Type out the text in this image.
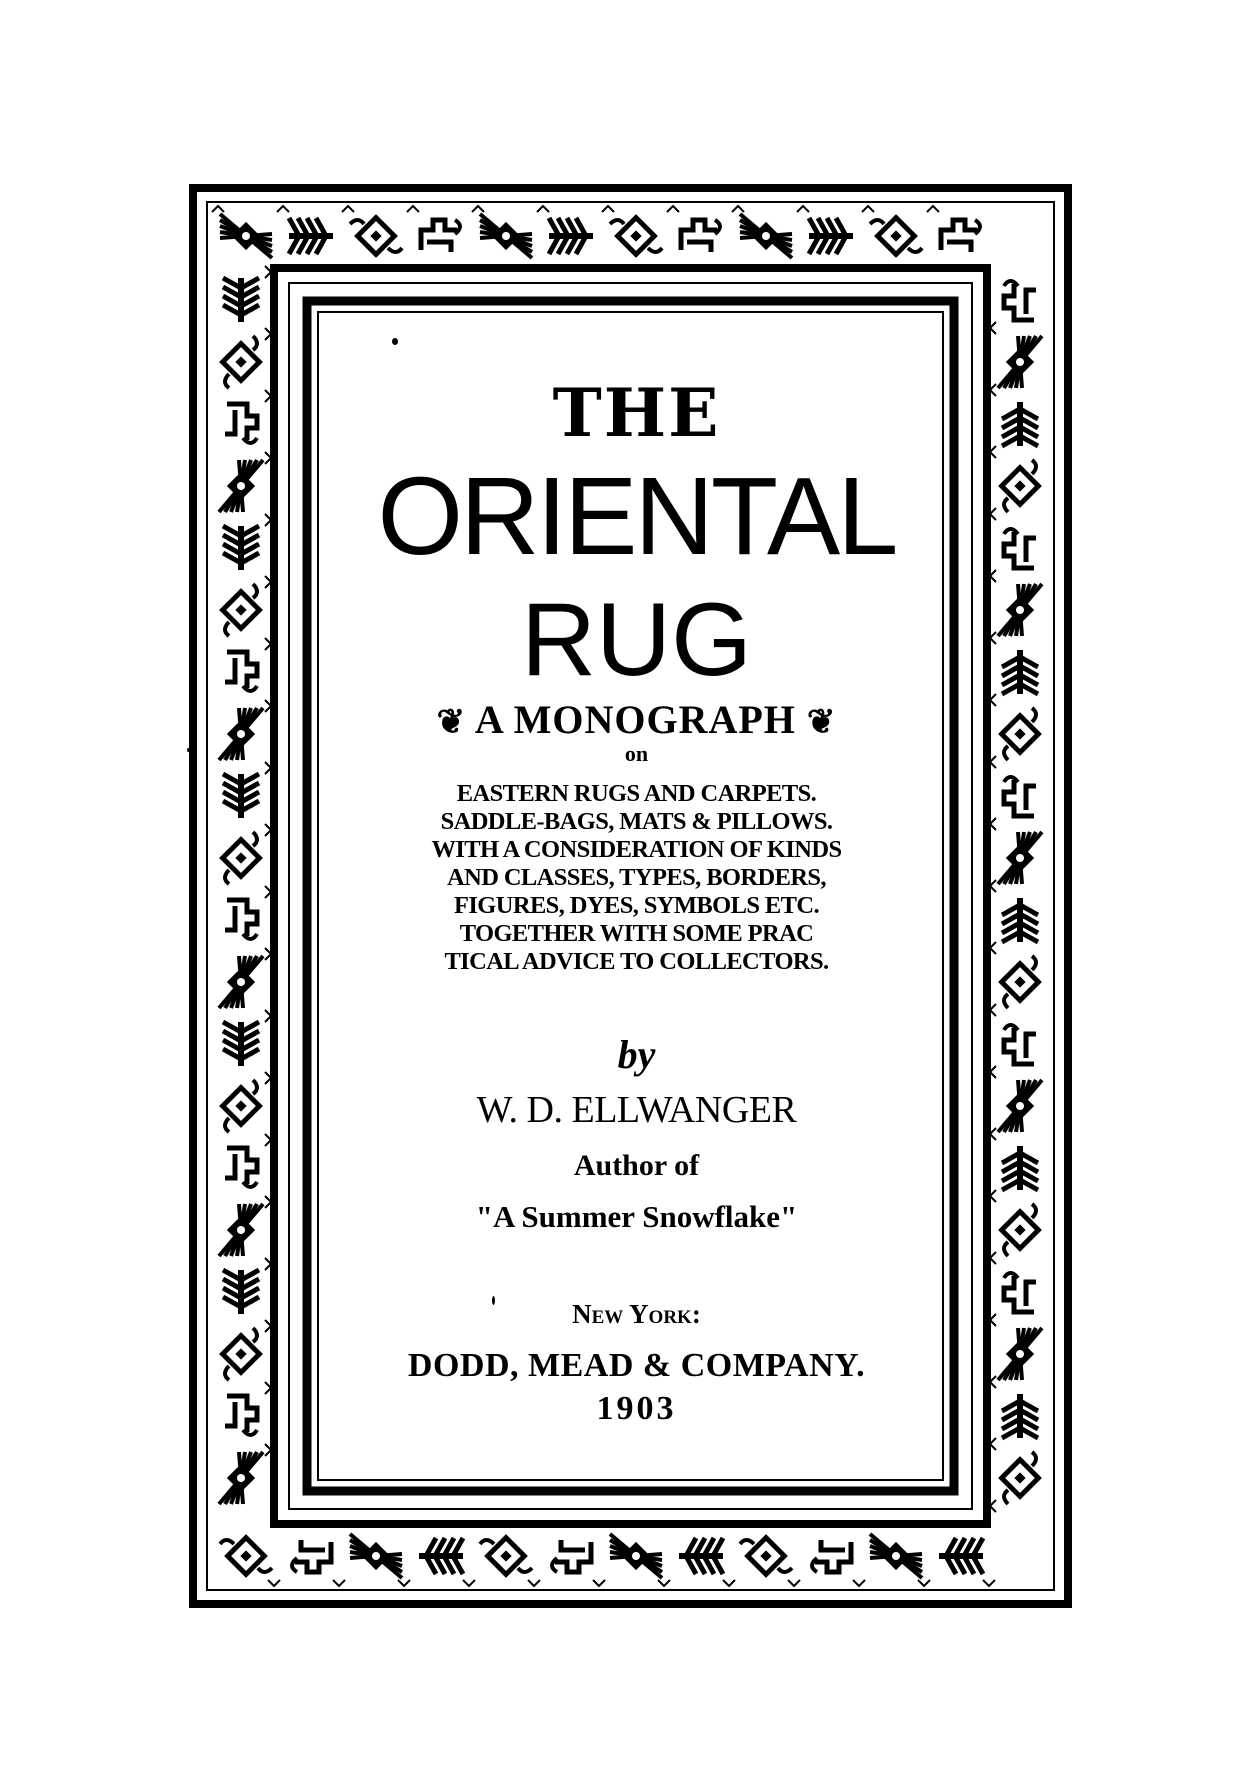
THE
ORIENTAL
RUG
❦ A MONOGRAPH ❦
on
EASTERN RUGS AND CARPETS.
SADDLE-BAGS, MATS & PILLOWS.
WITH A CONSIDERATION OF KINDS
AND CLASSES, TYPES, BORDERS,
FIGURES, DYES, SYMBOLS ETC.
TOGETHER WITH SOME PRAC
TICAL ADVICE TO COLLECTORS.
by
W. D. ELLWANGER
Author of
"A Summer Snowflake"
New York:
DODD, MEAD & COMPANY.
1903
